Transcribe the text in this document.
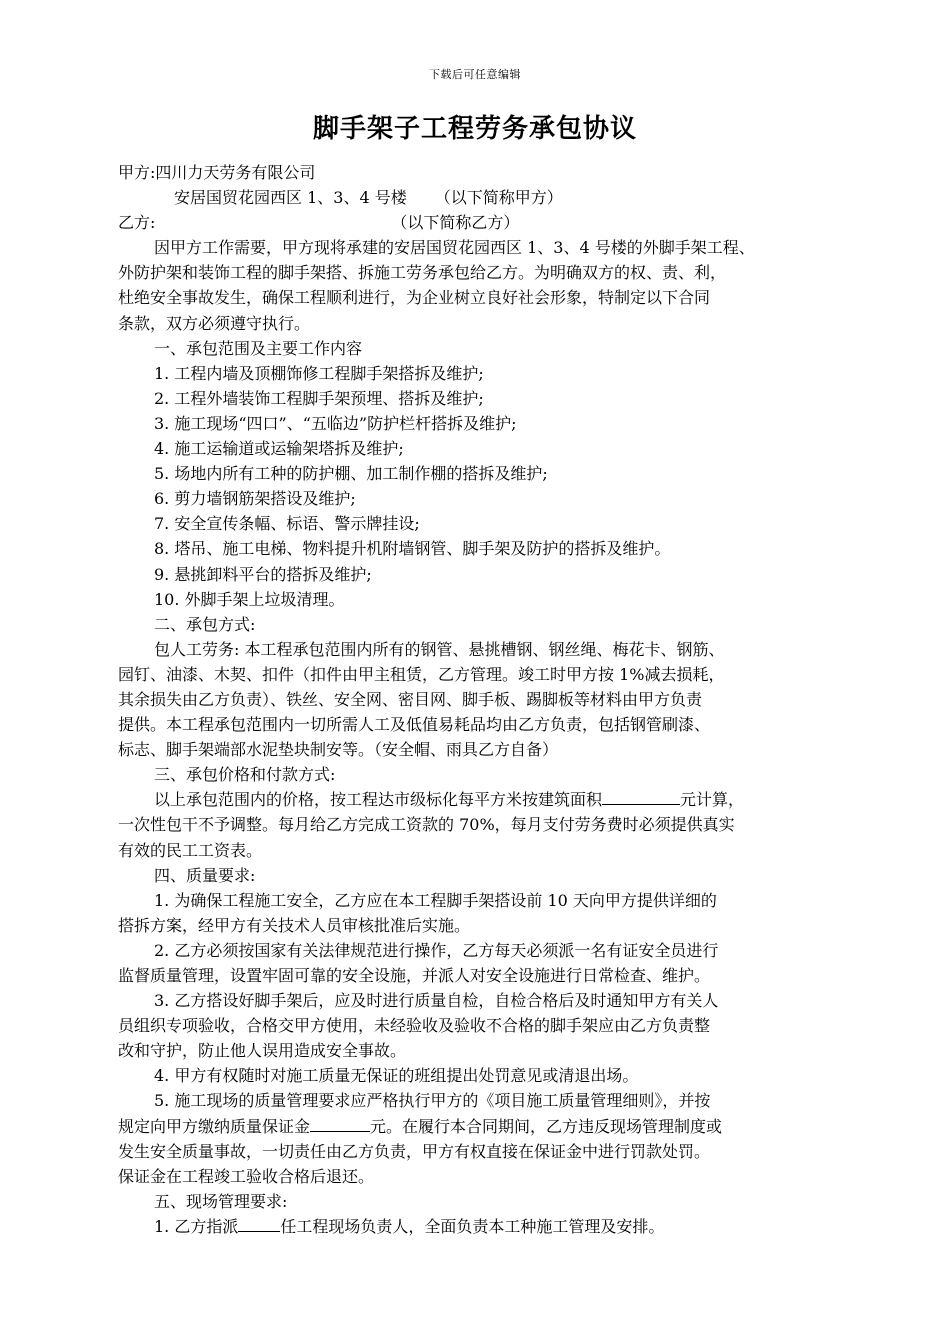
下载后可任意编辑
脚手架子工程劳务承包协议
甲方:四川力天劳务有限公司
安居国贸花园西区 1、3、4 号楼 （以下简称甲方）
乙方:	（以下简称乙方）
因甲方工作需要，甲方现将承建的安居国贸花园西区 1、3、4 号楼的外脚手架工程、
外防护架和装饰工程的脚手架搭、拆施工劳务承包给乙方。为明确双方的权、责、利，
杜绝安全事故发生，确保工程顺利进行，为企业树立良好社会形象，特制定以下合同
条款，双方必须遵守执行。
一、承包范围及主要工作内容
1. 工程内墙及顶棚饰修工程脚手架搭拆及维护;
2. 工程外墙装饰工程脚手架预埋、搭拆及维护;
3. 施工现场“四口”、“五临边”防护栏杆搭拆及维护;
4. 施工运输道或运输架塔拆及维护;
5. 场地内所有工种的防护棚、加工制作棚的搭拆及维护;
6. 剪力墙钢筋架搭设及维护;
7. 安全宣传条幅、标语、警示牌挂设;
8. 塔吊、施工电梯、物料提升机附墙钢管、脚手架及防护的搭拆及维护。
9. 悬挑卸料平台的搭拆及维护;
10. 外脚手架上垃圾清理。
二、承包方式:
包人工劳务: 本工程承包范围内所有的钢管、悬挑槽钢、钢丝绳、梅花卡、钢筋、
园钉、油漆、木契、扣件（扣件由甲主租赁，乙方管理。竣工时甲方按 1%减去损耗，
其余损失由乙方负责）、铁丝、安全网、密目网、脚手板、踢脚板等材料由甲方负责
提供。本工程承包范围内一切所需人工及低值易耗品均由乙方负责，包括钢管刷漆、
标志、脚手架端部水泥垫块制安等。（安全帽、雨具乙方自备）
三、承包价格和付款方式:
以上承包范围内的价格，按工程达市级标化每平方米按建筑面积	元计算，
一次性包干不予调整。每月给乙方完成工资款的 70%，每月支付劳务费时必须提供真实
有效的民工工资表。
四、质量要求:
1. 为确保工程施工安全，乙方应在本工程脚手架搭设前 10 天向甲方提供详细的
搭拆方案，经甲方有关技术人员审核批准后实施。
2. 乙方必须按国家有关法律规范进行操作，乙方每天必须派一名有证安全员进行
监督质量管理，设置牢固可靠的安全设施，并派人对安全设施进行日常检查、维护。
3. 乙方搭设好脚手架后，应及时进行质量自检，自检合格后及时通知甲方有关人
员组织专项验收，合格交甲方使用，未经验收及验收不合格的脚手架应由乙方负责整
改和守护，防止他人误用造成安全事故。
4. 甲方有权随时对施工质量无保证的班组提出处罚意见或清退出场。
5. 施工现场的质量管理要求应严格执行甲方的《项目施工质量管理细则》，并按
规定向甲方缴纳质量保证金	元。在履行本合同期间，乙方违反现场管理制度或
发生安全质量事故，一切责任由乙方负责，甲方有权直接在保证金中进行罚款处罚。
保证金在工程竣工验收合格后退还。
五、现场管理要求:
1. 乙方指派	任工程现场负责人，全面负责本工种施工管理及安排。
